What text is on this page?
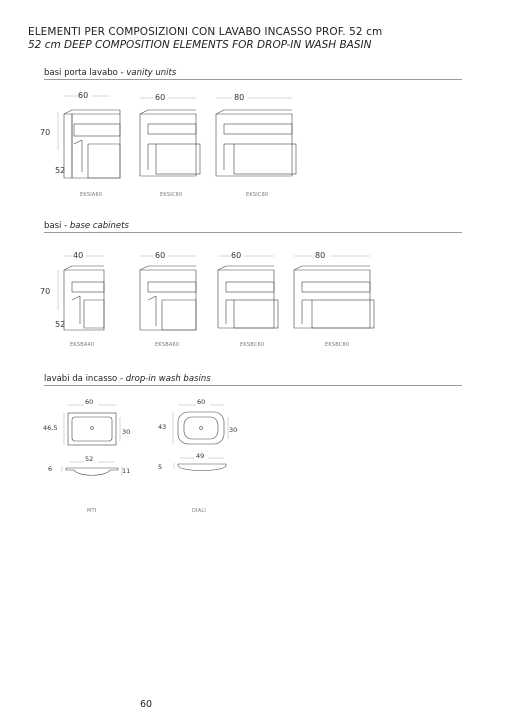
ELEMENTI PER COMPOSIZIONI CON LAVABO INCASSO PROF. 52 cm
52 cm DEEP COMPOSITION ELEMENTS FOR DROP-IN WASH BASIN
basi porta lavabo - vanity units
60	60	80
70
52
EKSIA60	EKSIC60	EKSIC80
basi - base cabinets
40	60	60	80
70
52
EKSBA40	EKSBA60	EKSBC60	EKSBC80
lavabi da incasso - drop-in wash basins
60
46,5	30
52
6	11
MTI
60
43	30
49
5
DIALI
60
